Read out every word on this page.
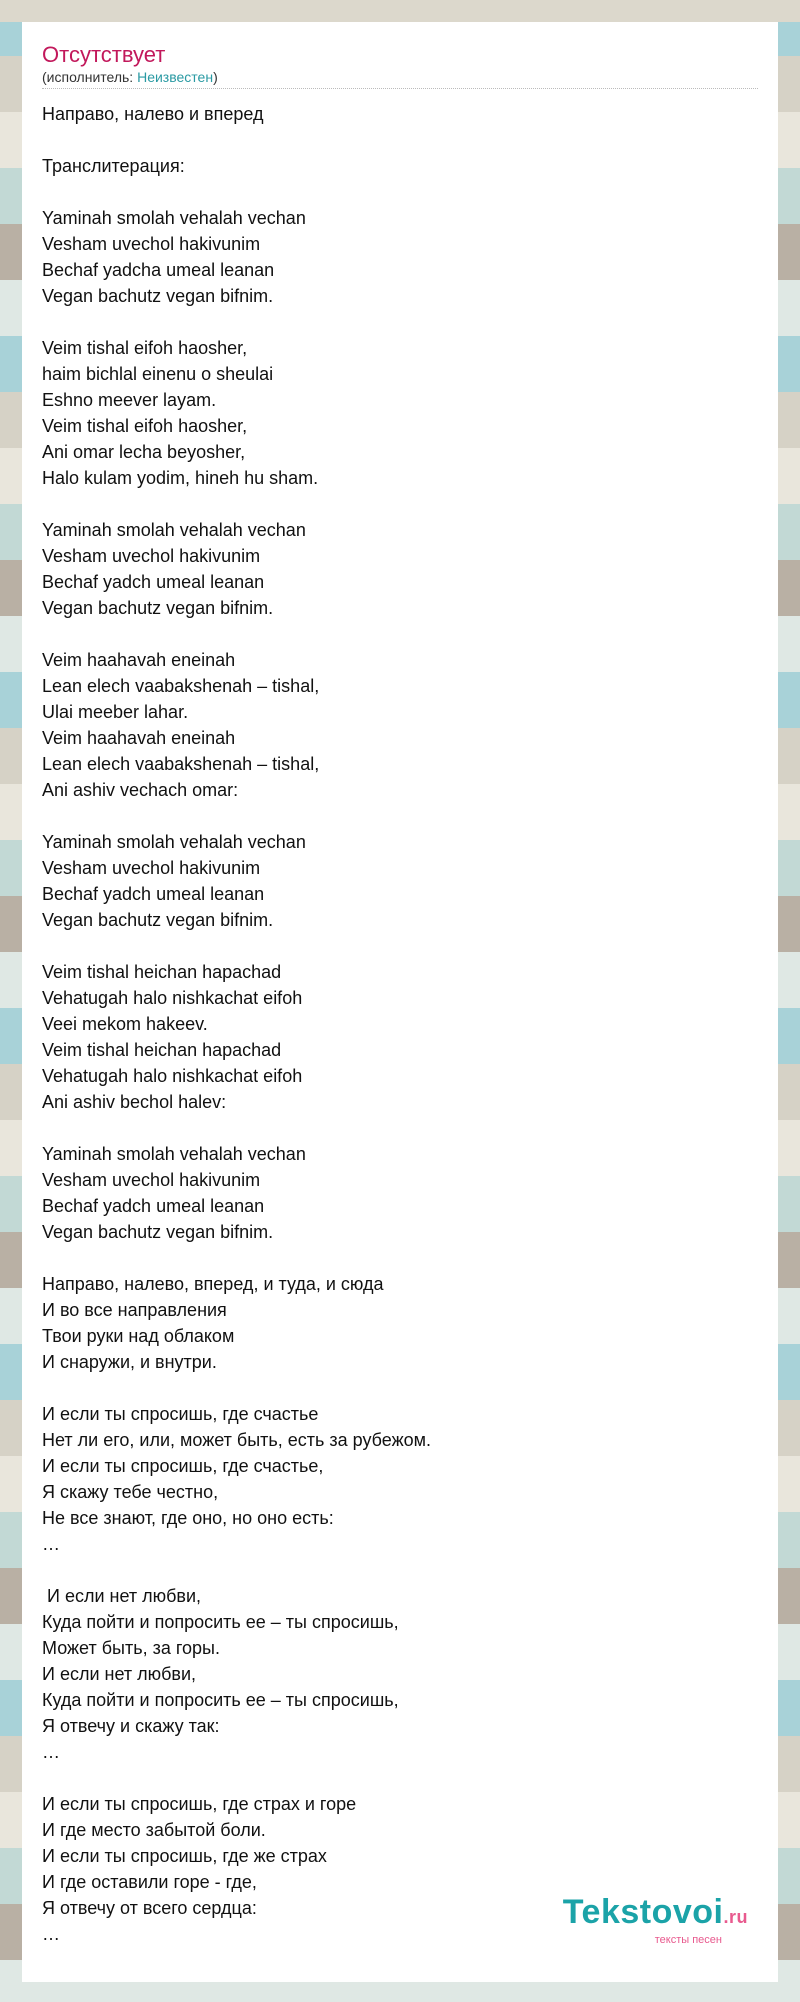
Отсутствует
(исполнитель: Неизвестен)
Направо, налево и вперед

Транслитерация:

Yaminah smolah vehalah vechan
Vesham uvechol hakivunim
Bechaf yadcha umeal leanan
Vegan bachutz vegan bifnim.

Veim tishal eifoh haosher,
haim bichlal einenu o sheulai
Eshno meever layam.
Veim tishal eifoh haosher,
Ani omar lecha beyosher,
Halo kulam yodim, hineh hu sham.

Yaminah smolah vehalah vechan
Vesham uvechol hakivunim
Bechaf yadch umeal leanan
Vegan bachutz vegan bifnim.

Veim haahavah eneinah
Lean elech vaabakshenah – tishal,
Ulai meeber lahar.
Veim haahavah eneinah
Lean elech vaabakshenah – tishal,
Ani ashiv vechach omar:

Yaminah smolah vehalah vechan
Vesham uvechol hakivunim
Bechaf yadch umeal leanan
Vegan bachutz vegan bifnim.

Veim tishal heichan hapachad
Vehatugah halo nishkachat eifoh
Veei mekom hakeev.
Veim tishal heichan hapachad
Vehatugah halo nishkachat eifoh
Ani ashiv bechol halev:

Yaminah smolah vehalah vechan
Vesham uvechol hakivunim
Bechaf yadch umeal leanan
Vegan bachutz vegan bifnim.

Направо, налево, вперед, и туда, и сюда
И во все направления
Твои руки над облаком
И снаружи, и внутри.

И если ты спросишь, где счастье
Нет ли его, или, может быть, есть за рубежом.
И если ты спросишь, где счастье,
Я скажу тебе честно,
Не все знают, где оно, но оно есть:
…

И если нет любви,
Куда пойти и попросить ее – ты спросишь,
Может быть, за горы.
И если нет любви,
Куда пойти и попросить ее – ты спросишь,
Я отвечу и скажу так:
…

И если ты спросишь, где страх и горе
И где место забытой боли.
И если ты спросишь, где же страх
И где оставили горе - где,
Я отвечу от всего сердца:
…
Tekstovoi.ru
тексты песен
